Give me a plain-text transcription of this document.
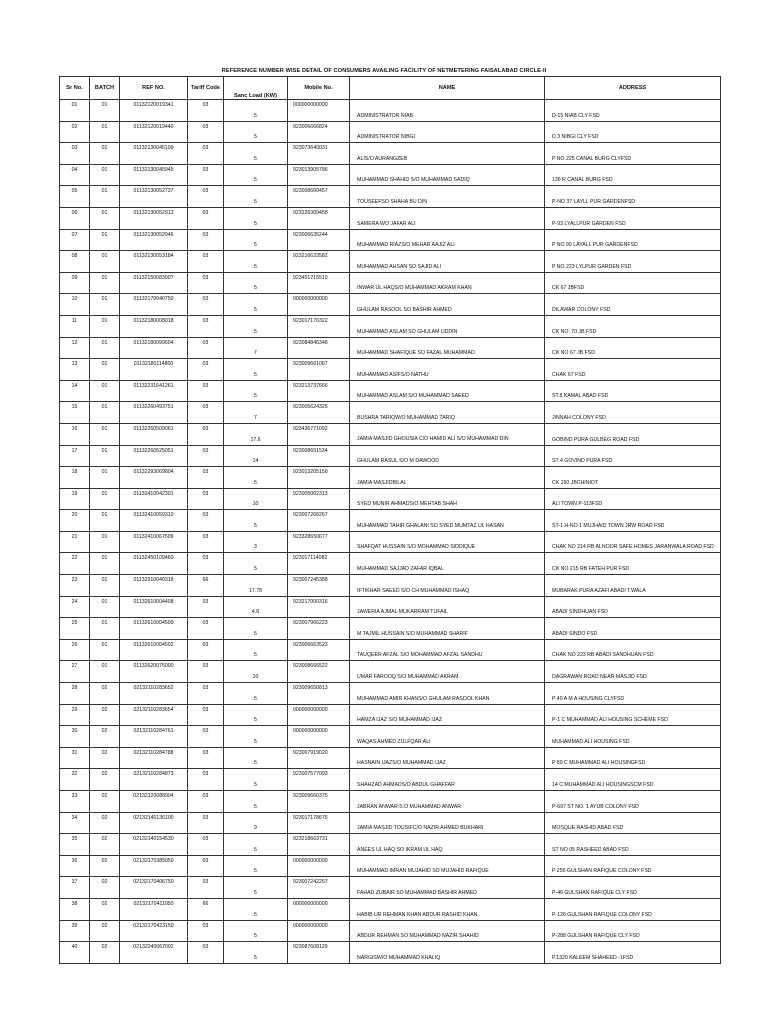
REFERENCE NUMBER WISE DETAIL OF CONSUMERS AVAILING FACILITY OF NETMETERING FAISALABAD CIRCLE-II
Sr No.	BATCH	REF NO.	Tariff Code	Sanc Load (KW)	Mobile No.	NAME	ADDRESS

01	01	01132120019341	03	5	000000000000	ADMINISTRATOR NIAB	D-15 NIAB CLY FSD

02	01	01132120019440	03	5	923006666824	ADMINISTRATOR NIBGI	D 3 NIBGI CLY FSD

03	01	01132130045109	03	5	923073640031	ALIS/O AURANGZEB	P NO 225 CANAL BURG CLYFSD

04	01	01132130045945	03	5	923013905786	MUHAMMAD SHAHID S/O MUHAMMAD SADIQ	136 R CANAL BURG FSD

05	01	01132130052737	03	5	923008660457	TOUSEEFSO SHAHA BU DIN	P-NO 37 LAYLL PUR GARDENFSD

06	01	01132130052913	03	5	923226309455	SAMERA WO JAFAR ALI	P-93 LYALLPUR GARDEN FSD

07	01	01132130052946	03	5	923006635244	MUHAMMAD RIAZS/O MEHAR AAJIZ ALI	P NO 99 LAYALL PUR GARDENFSD

08	01	01132130053184	03	5	923216633582	MUHAMMAD AHSAN SO SAJID ALI	P NO 223 LYLPUR GARDEN FSD

09	01	01132150083907	03	5	923451715510	INWAR UL HAQS/O MUHAMMAD AKRAM KHAN	CK 67 JBFSD

10	01	01132170040750	03	5	000000000000	GHULAM RASOOL SO BASHIR AHMED	DILAWAR COLONY FSD

11	01	01132180008018	03	5	923017170322	MUHAMMAD ASLAM SO GHULAM UDDIN	CK NO. 70 JB FSD

12	01	01132180099604	03	7	923084846348	MUHAMMAD SHAFIQUE SO FAZAL MUHAMMAD	CK NO 67 JB FSD

13	01	01132180114800	03	5	923009661067	MUHAMMAD ASIFS/O NATHU	CHAK 67 FSD

14	01	01132231641261	03	5	923213737666	MUHAMMAD ASLAM S/O MUHAMMAD SAEED	ST.8 KAMAL ABAD FSD

15	01	01132260493751	03	7	923005624325	BUSHRA TARIQW/O MUHAMMAD TARIQ	JINNAH COLONY FSD

16	01	01132260509061	03	17.6	923436771092	JAMIA MASJID GHOUSIA C/O HAMID ALI S/O MUHAMMAD DIN	GOBIND PURA GULBEG ROAD FSD

17	01	01132260525051	03	14	923008651534	GHULAM RASUL S/O M DAWOOD	ST 4 GOVIND PURA FSD

18	01	01132293069804	03	5	923013205150	JAMIA MASJIDBILAL	CK 150 JBCHINIOT

19	01	01132410042301	03	10	923005002313	SYED MUNIR AHMADS/O MEHTAB SHAH	ALI TOWN P-113FSD

20	01	01132410059310	03	5	923007268267	MUHAMMAD TAHIR GHALANI SO SYED MUMTAZ UL HASAN	ST-1 H-NO 1 MUJHAID TOWN JRW ROAD FSD

21	01	01132410067509	03	3	923328650677	SHAFQAT HUSSAIN S/O MOHAMMAD SIDDIQUE	CHAK NO 214 RB ALNOOR SAFE HOMES JARANWALA ROAD FSD

22	01	01132450109460	03	5	923017114082	MUHAMMAD SAJJAD ZAFAR IQBAL	CK NO 215 RB FATEH PUR FSD

23	01	01132510040318	66	17.78	923007245388	IFTIKHAR SAEED S/O CH MUHAMMAD ISHAQ	MUBARAK PURA AZAFI ABADI T.WALA

24	01	01132610004408	03	4.8	923217000316	JAWERIA AJMAL MUKARRAM TUFAIL	ABADI SINDHUAN FSD

25	01	01132610004500	03	5	923007966223	M TAJMIL HUSSAIN S/O MUHAMMAD SHARIF	ABADI SINDO FSD

26	01	01132610004502	03	5	923006663523	TAUQEER AFZAL S/O MOHAMMAD AFZAL SANDHU	CHAK NO 223 RB ABADI SANDHUAN FSD

27	01	01132620075000	03	10	923008666522	UMAR FAROOQ S/O MUHAMMAD AKRAM	DAGRAWAN ROAD NEAR MASJID FSD

28	02	02132110283652	03	5	923009650813	MUHAMMAD AMIR KHANS/O GHULAM RASOOL KHAN	P 40 A M A HOUSING CLYFSD

29	02	02132110283654	03	5	000000000000	HAMZA IJAZ S/O MUHAMMAD IJAZ	P-1 C MUHAMMAD ALI HOUSING SCHEME FSD

30	02	02132110284761	03	5	000000000000	WAQAS AHMED ZULFQAR ALI	MUHAMMAD ALI HOUSING FSD

31	02	02132110284788	03	5	923007919020	HASNAIN IJAZS/O MUHAMMAD IJAZ	P 89 C MUHAMMAD ALI HOUSINGFSD

32	02	02132110284873	03	5	923007577093	SHAHZAD AHMADS/O ABDUL GHAFFAR	14 C MUHAMMAD ALI HOUSINGSCM FSD

33	02	02132120088904	03	5	923009660375	JABRAN ANWAR S.O MUHAMMAD ANWAR	P-697 ST NO. 1 AYUB COLONY FSD

34	02	02132140136100	03	9	923017178675	JAMIA MASJID TOUSIFC/O NAZIR AHMED BUKHARI	MOSQUE RASHID ABAD FSD

35	02	02132140154530	03	5	923218663731	ANEES UL HAQ SO IKRAM UL HAQ	ST NO 05 RASHEED ABAD FSD

36	02	02132170385050	03	5	000000000000	MUHAMMAD IMRAN MUJAHID SO MUJAHID RAFIQUE	P 256 GULSHAN RAFIQUE COLONY FSD

37	02	02132170406750	03	5	923007242257	FAHAD ZUBAIR SO MUHAMMAD BASHIR AHMED	P-46 GULSHAN RAFIQUE CLY FSD

38	02	02132170411950	66	5	000000000000	HABIB UR REHMAN KHAN ABDUR RASHID KHAN	P-126 GULSHAN RAFIQUE COLONY FSD

39	02	02132170423150	03	5	000000000000	ABDUR REHMAN SO MUHAMMAD NAZIR SHAHID	P-288 GULSHAN RAFIQUE CLY FSD

40	02	02132240067002	03	5	923087608129	NARGISW/O MUHAMMAD KHALIQ	P.1320 KALEEM SHAHEED -1FSD
